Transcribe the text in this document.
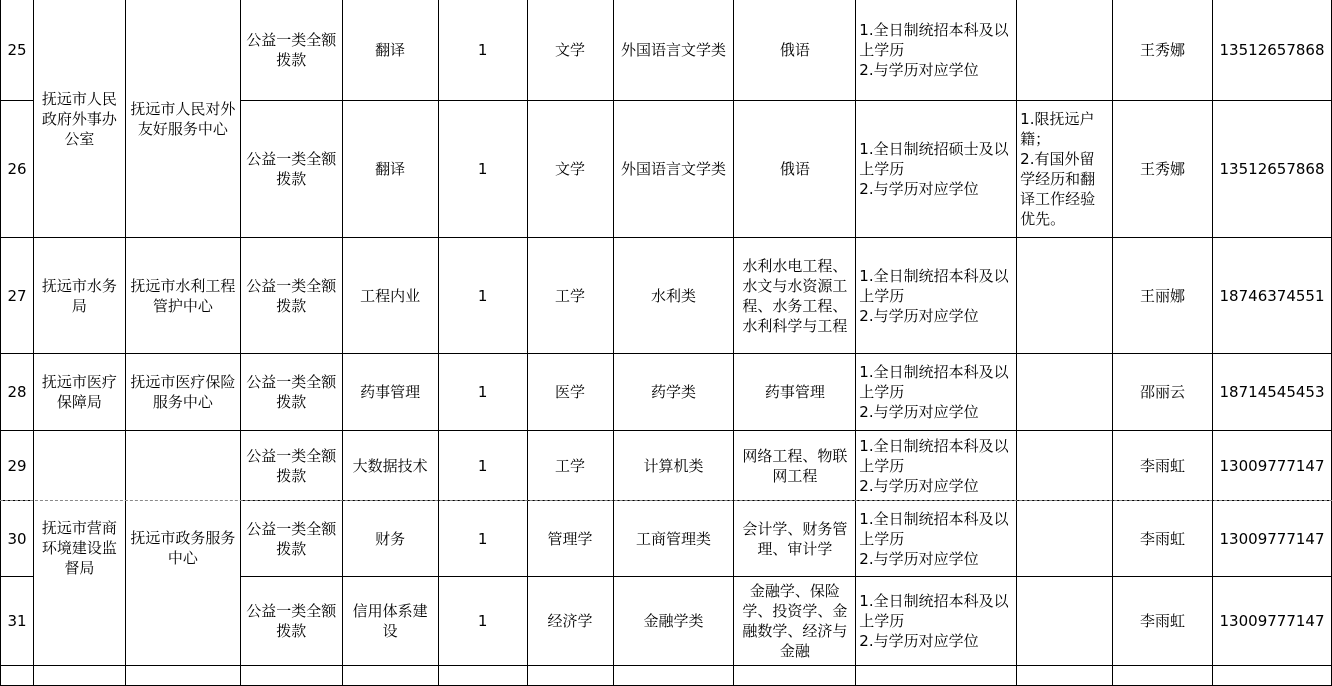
25	抚远市人民政府外事办公室	抚远市人民对外友好服务中心	公益一类全额拨款	翻译	1	文学	外国语言文学类	俄语	1.全日制统招本科及以上学历
2.与学历对应学位		王秀娜	13512657868
26			公益一类全额拨款	翻译	1	文学	外国语言文学类	俄语	1.全日制统招硕士及以上学历
2.与学历对应学位	1.限抚远户籍；
2.有国外留学经历和翻译工作经验优先。	王秀娜	13512657868
27	抚远市水务局	抚远市水利工程管护中心	公益一类全额拨款	工程内业	1	工学	水利类	水利水电工程、水文与水资源工程、水务工程、水利科学与工程	1.全日制统招本科及以上学历
2.与学历对应学位		王丽娜	18746374551
28	抚远市医疗保障局	抚远市医疗保险服务中心	公益一类全额拨款	药事管理	1	医学	药学类	药事管理	1.全日制统招本科及以上学历
2.与学历对应学位		邵丽云	18714545453
29	抚远市营商环境建设监督局	抚远市政务服务中心	公益一类全额拨款	大数据技术	1	工学	计算机类	网络工程、物联网工程	1.全日制统招本科及以上学历
2.与学历对应学位		李雨虹	13009777147
30			公益一类全额拨款	财务	1	管理学	工商管理类	会计学、财务管理、审计学	1.全日制统招本科及以上学历
2.与学历对应学位		李雨虹	13009777147
31			公益一类全额拨款	信用体系建设	1	经济学	金融学类	金融学、保险学、投资学、金融数学、经济与金融	1.全日制统招本科及以上学历
2.与学历对应学位		李雨虹	13009777147
